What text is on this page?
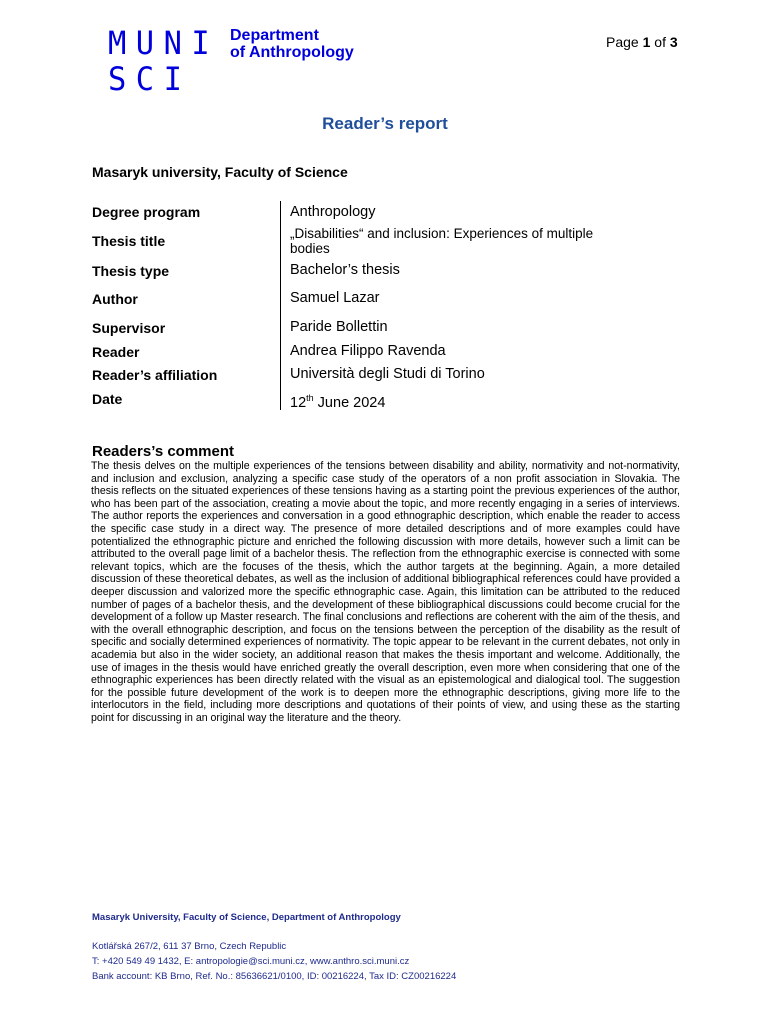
MUNI
SCI
Department
of Anthropology
Page 1 of 3
Reader’s report
Masaryk university, Faculty of Science
Degree program	Anthropology
Thesis title	„Disabilities“ and inclusion: Experiences of multiple bodies
Thesis type	Bachelor’s thesis
Author	Samuel Lazar
Supervisor	Paride Bollettin
Reader	Andrea Filippo Ravenda
Reader’s affiliation	Università degli Studi di Torino
Date	12th June 2024
Readers’s comment
The thesis delves on the multiple experiences of the tensions between disability and ability, normativity and not-normativity, and inclusion and exclusion, analyzing a specific case study of the operators of a non profit association in Slovakia. The thesis reflects on the situated experiences of these tensions having as a starting point the previous experiences of the author, who has been part of the association, creating a movie about the topic, and more recently engaging in a series of interviews. The author reports the experiences and conversation in a good ethnographic description, which enable the reader to access the specific case study in a direct way. The presence of more detailed descriptions and of more examples could have potentialized the ethnographic picture and enriched the following discussion with more details, however such a limit can be attributed to the overall page limit of a bachelor thesis. The reflection from the ethnographic exercise is connected with some relevant topics, which are the focuses of the thesis, which the author targets at the beginning. Again, a more detailed discussion of these theoretical debates, as well as the inclusion of additional bibliographical references could have provided a deeper discussion and valorized more the specific ethnographic case. Again, this limitation can be attributed to the reduced number of pages of a bachelor thesis, and the development of these bibliographical discussions could become crucial for the development of a follow up Master research. The final conclusions and reflections are coherent with the aim of the thesis, and with the overall ethnographic description, and focus on the tensions between the perception of the disability as the result of specific and socially determined experiences of normativity. The topic appear to be relevant in the current debates, not only in academia but also in the wider society, an additional reason that makes the thesis important and welcome. Additionally, the use of images in the thesis would have enriched greatly the overall description, even more when considering that one of the ethnographic experiences has been directly related with the visual as an epistemological and dialogical tool. The suggestion for the possible future development of the work is to deepen more the ethnographic descriptions, giving more life to the interlocutors in the field, including more descriptions and quotations of their points of view, and using these as the starting point for discussing in an original way the literature and the theory.
Masaryk University, Faculty of Science, Department of Anthropology
Kotlářská 267/2, 611 37 Brno, Czech Republic
T: +420 549 49 1432, E: antropologie@sci.muni.cz, www.anthro.sci.muni.cz
Bank account: KB Brno, Ref. No.: 85636621/0100, ID: 00216224, Tax ID: CZ00216224
